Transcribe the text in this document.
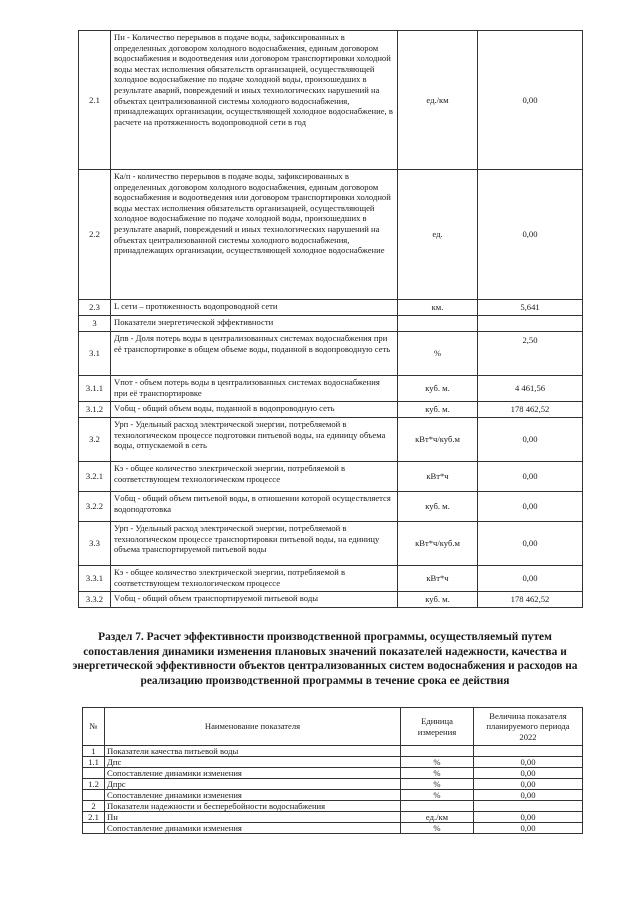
2.1	Пн - Количество перерывов в подаче воды, зафиксированных в определенных договором холодного водоснабжения, единым договором водоснабжения и водоотведения или договором транспортировки холодной воды местах исполнения обязательств организацией, осуществляющей холодное водоснабжение по подаче холодной воды, произошедших в результате аварий, повреждений и иных технологических нарушений на объектах централизованной системы холодного водоснабжения, принадлежащих организации, осуществляющей холодное водоснабжение, в расчете на протяженность водопроводной сети в год	ед./км	0,00
2.2	Ка/п - количество перерывов в подаче воды, зафиксированных в определенных договором холодного водоснабжения, единым договором водоснабжения и водоотведения или договором транспортировки холодной воды местах исполнения обязательств организацией, осуществляющей холодное водоснабжение по подаче холодной воды, произошедших в результате аварий, повреждений и иных технологических нарушений на объектах централизованной системы холодного водоснабжения, принадлежащих организации, осуществляющей холодное водоснабжение	ед.	0,00
2.3	L сети – протяженность водопроводной сети	км.	5,641
3	Показатели энергетической эффективности		
3.1	Дпв - Доля потерь воды в централизованных системах водоснабжения при её транспортировке в общем объеме воды, поданной в водопроводную сеть	%	2,50
3.1.1	Vпот - объем потерь воды в централизованных системах водоснабжения при её транспортировке	куб. м.	4 461,56
3.1.2	Vобщ - общий объем воды, поданной в водопроводную сеть	куб. м.	178 462,52
3.2	Урп - Удельный расход электрической энергии, потребляемой в технологическом процессе подготовки питьевой воды, на единицу объема воды, отпускаемой в сеть	кВт*ч/куб.м	0,00
3.2.1	Кэ - общее количество электрической энергии, потребляемой в соответствующем технологическом процессе	кВт*ч	0,00
3.2.2	Vобщ - общий объем питьевой воды, в отношении которой осуществляется водоподготовка	куб. м.	0,00
3.3	Урп - Удельный расход электрической энергии, потребляемой в технологическом процессе транспортировки питьевой воды, на единицу объема транспортируемой питьевой воды	кВт*ч/куб.м	0,00
3.3.1	Кэ - общее количество электрической энергии, потребляемой в соответствующем технологическом процессе	кВт*ч	0,00
3.3.2	Vобщ - общий объем транспортируемой питьевой воды	куб. м.	178 462,52
Раздел 7. Расчет эффективности производственной программы, осуществляемый путем сопоставления динамики изменения плановых значений показателей надежности, качества и энергетической эффективности объектов централизованных систем водоснабжения и расходов на реализацию производственной программы в течение срока ее действия
№	Наименование показателя	Единица измерения	Величина показателя планируемого периода
2022

1	Показатели качества питьевой воды		
1.1	Дпс	%	0,00
	Сопоставление динамики изменения	%	0,00
1.2	Дпрс	%	0,00
	Сопоставление динамики изменения	%	0,00
2	Показатели надежности и бесперебойности водоснабжения		
2.1	Пн	ед./км	0,00
	Сопоставление динамики изменения	%	0,00
